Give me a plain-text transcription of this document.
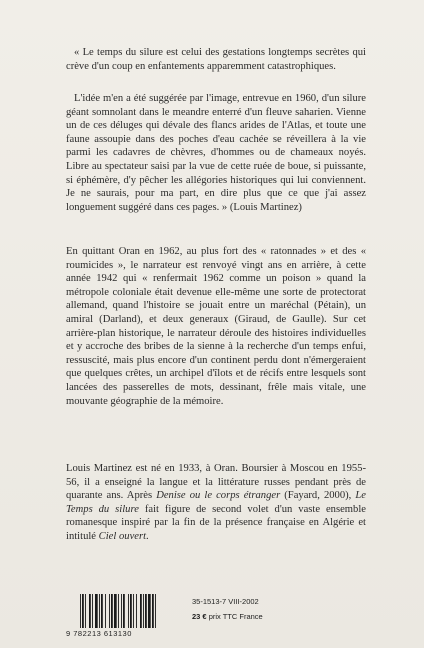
« Le temps du silure est celui des gestations longtemps secrètes qui crève d'un coup en enfantements apparemment catastrophiques.

L'idée m'en a été suggérée par l'image, entrevue en 1960, d'un silure géant somnolant dans le meandre enterré d'un fleuve saharien. Vienne un de ces déluges qui dévale des flancs arides de l'Atlas, et toute une faune assoupie dans des poches d'eau cachée se réveillera à la vie parmi les cadavres de chèvres, d'hommes ou de chameaux noyés. Libre au spectateur saisi par la vue de cette ruée de boue, si puissante, si éphémère, d'y pêcher les allégories historiques qui lui conviennent. Je ne saurais, pour ma part, en dire plus que ce que j'ai assez longuement suggéré dans ces pages. » (Louis Martinez)

En quittant Oran en 1962, au plus fort des « ratonnades » et des « roumicides », le narrateur est renvoyé vingt ans en arrière, à cette année 1942 qui « renfermait 1962 comme un poison » quand la métropole coloniale était devenue elle-même une sorte de protectorat allemand, quand l'histoire se jouait entre un maréchal (Pétain), un amiral (Darland), et deux generaux (Giraud, de Gaulle). Sur cet arrière-plan historique, le narrateur déroule des histoires individuelles et y accroche des bribes de la sienne à la recherche d'un temps enfui, ressuscité, mais plus encore d'un continent perdu dont n'émergeraient que quelques crêtes, un archipel d'îlots et de récifs entre lesquels sont lancées des passerelles de mots, dessinant, frêle mais vitale, une mouvante géographie de la mémoire.

Louis Martinez est né en 1933, à Oran. Boursier à Moscou en 1955-56, il a enseigné la langue et la littérature russes pendant près de quarante ans. Après Denise ou le corps étranger (Fayard, 2000), Le Temps du silure fait figure de second volet d'un vaste ensemble romanesque inspiré par la fin de la présence française en Algérie et intitulé Ciel ouvert.

9 782213 613130
35-1513-7 VIII-2002
23 € prix TTC France
